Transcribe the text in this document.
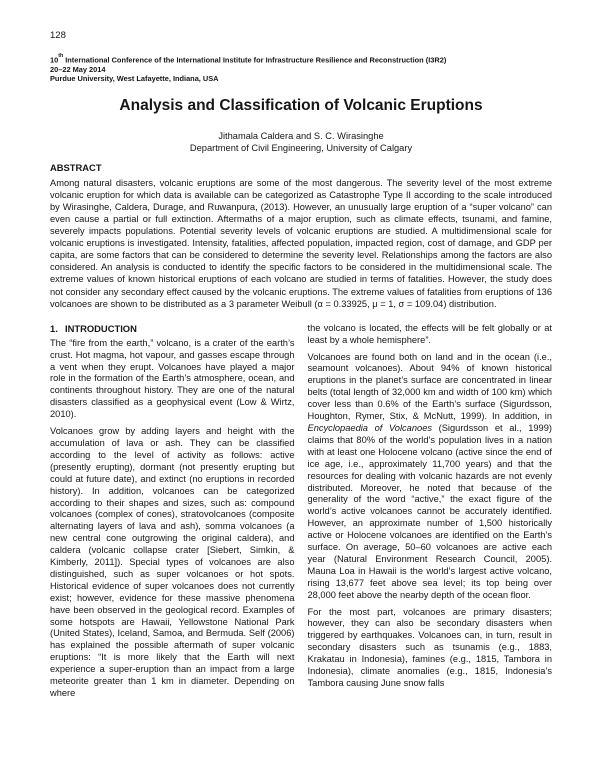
128
10th International Conference of the International Institute for Infrastructure Resilience and Reconstruction (I3R2)
20–22 May 2014
Purdue University, West Lafayette, Indiana, USA
Analysis and Classification of Volcanic Eruptions
Jithamala Caldera and S. C. Wirasinghe
Department of Civil Engineering, University of Calgary
ABSTRACT

Among natural disasters, volcanic eruptions are some of the most dangerous. The severity level of the most extreme volcanic eruption for which data is available can be categorized as Catastrophe Type II according to the scale introduced by Wirasinghe, Caldera, Durage, and Ruwanpura, (2013). However, an unusually large eruption of a “super volcano” can even cause a partial or full extinction. Aftermaths of a major eruption, such as climate effects, tsunami, and famine, severely impacts populations. Potential severity levels of volcanic eruptions are studied. A multidimensional scale for volcanic eruptions is investigated. Intensity, fatalities, affected population, impacted region, cost of damage, and GDP per capita, are some factors that can be considered to determine the severity level. Relationships among the factors are also considered. An analysis is conducted to identify the specific factors to be considered in the multidimensional scale. The extreme values of known historical eruptions of each volcano are studied in terms of fatalities. However, the study does not consider any secondary effect caused by the volcanic eruptions. The extreme values of fatalities from eruptions of 136 volcanoes are shown to be distributed as a 3 parameter Weibull (α = 0.33925, μ = 1, σ = 109.04) distribution.

1. INTRODUCTION

The “fire from the earth,” volcano, is a crater of the earth’s crust. Hot magma, hot vapour, and gasses escape through a vent when they erupt. Volcanoes have played a major role in the formation of the Earth’s atmosphere, ocean, and continents throughout history. They are one of the natural disasters classified as a geophysical event (Low & Wirtz, 2010).

Volcanoes grow by adding layers and height with the accumulation of lava or ash. They can be classified according to the level of activity as follows: active (presently erupting), dormant (not presently erupting but could at future date), and extinct (no eruptions in recorded history). In addition, volcanoes can be categorized according to their shapes and sizes, such as: compound volcanoes (complex of cones), stratovolcanoes (composite alternating layers of lava and ash), somma volcanoes (a new central cone outgrowing the original caldera), and caldera (volcanic collapse crater [Siebert, Simkin, & Kimberly, 2011]). Special types of volcanoes are also distinguished, such as super volcanoes or hot spots. Historical evidence of super volcanoes does not currently exist; however, evidence for these massive phenomena have been observed in the geological record. Examples of some hotspots are Hawaii, Yellowstone National Park (United States), Iceland, Samoa, and Bermuda. Self (2006) has explained the possible aftermath of super volcanic eruptions: “It is more likely that the Earth will next experience a super-eruption than an impact from a large meteorite greater than 1 km in diameter. Depending on where

the volcano is located, the effects will be felt globally or at least by a whole hemisphere”.

Volcanoes are found both on land and in the ocean (i.e., seamount volcanoes). About 94% of known historical eruptions in the planet’s surface are concentrated in linear belts (total length of 32,000 km and width of 100 km) which cover less than 0.6% of the Earth’s surface (Sigurdsson, Houghton, Rymer, Stix, & McNutt, 1999). In addition, in Encyclopaedia of Volcanoes (Sigurdsson et al., 1999) claims that 80% of the world’s population lives in a nation with at least one Holocene volcano (active since the end of ice age, i.e., approximately 11,700 years) and that the resources for dealing with volcanic hazards are not evenly distributed. Moreover, he noted that because of the generality of the word “active,” the exact figure of the world’s active volcanoes cannot be accurately identified. However, an approximate number of 1,500 historically active or Holocene volcanoes are identified on the Earth’s surface. On average, 50–60 volcanoes are active each year (Natural Environment Research Council, 2005). Mauna Loa in Hawaii is the world’s largest active volcano, rising 13,677 feet above sea level; its top being over 28,000 feet above the nearby depth of the ocean floor.

For the most part, volcanoes are primary disasters; however, they can also be secondary disasters when triggered by earthquakes. Volcanoes can, in turn, result in secondary disasters such as tsunamis (e.g., 1883, Krakatau in Indonesia), famines (e.g., 1815, Tambora in Indonesia), climate anomalies (e.g., 1815, Indonesia’s Tambora causing June snow falls
